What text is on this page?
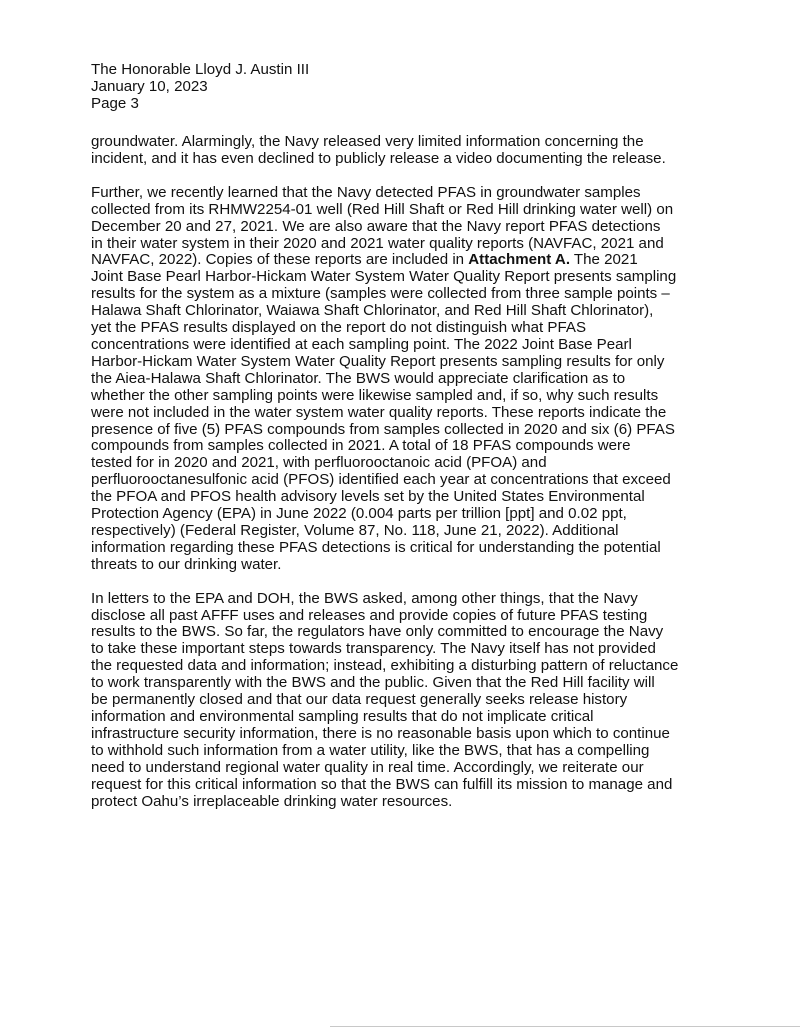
The Honorable Lloyd J. Austin III
January 10, 2023
Page 3
groundwater. Alarmingly, the Navy released very limited information concerning the
incident, and it has even declined to publicly release a video documenting the release.
Further, we recently learned that the Navy detected PFAS in groundwater samples
collected from its RHMW2254-01 well (Red Hill Shaft or Red Hill drinking water well) on
December 20 and 27, 2021. We are also aware that the Navy report PFAS detections
in their water system in their 2020 and 2021 water quality reports (NAVFAC, 2021 and
NAVFAC, 2022). Copies of these reports are included in Attachment A. The 2021
Joint Base Pearl Harbor-Hickam Water System Water Quality Report presents sampling
results for the system as a mixture (samples were collected from three sample points –
Halawa Shaft Chlorinator, Waiawa Shaft Chlorinator, and Red Hill Shaft Chlorinator),
yet the PFAS results displayed on the report do not distinguish what PFAS
concentrations were identified at each sampling point. The 2022 Joint Base Pearl
Harbor-Hickam Water System Water Quality Report presents sampling results for only
the Aiea-Halawa Shaft Chlorinator. The BWS would appreciate clarification as to
whether the other sampling points were likewise sampled and, if so, why such results
were not included in the water system water quality reports. These reports indicate the
presence of five (5) PFAS compounds from samples collected in 2020 and six (6) PFAS
compounds from samples collected in 2021. A total of 18 PFAS compounds were
tested for in 2020 and 2021, with perfluorooctanoic acid (PFOA) and
perfluorooctanesulfonic acid (PFOS) identified each year at concentrations that exceed
the PFOA and PFOS health advisory levels set by the United States Environmental
Protection Agency (EPA) in June 2022 (0.004 parts per trillion [ppt] and 0.02 ppt,
respectively) (Federal Register, Volume 87, No. 118, June 21, 2022). Additional
information regarding these PFAS detections is critical for understanding the potential
threats to our drinking water.
In letters to the EPA and DOH, the BWS asked, among other things, that the Navy
disclose all past AFFF uses and releases and provide copies of future PFAS testing
results to the BWS. So far, the regulators have only committed to encourage the Navy
to take these important steps towards transparency. The Navy itself has not provided
the requested data and information; instead, exhibiting a disturbing pattern of reluctance
to work transparently with the BWS and the public. Given that the Red Hill facility will
be permanently closed and that our data request generally seeks release history
information and environmental sampling results that do not implicate critical
infrastructure security information, there is no reasonable basis upon which to continue
to withhold such information from a water utility, like the BWS, that has a compelling
need to understand regional water quality in real time. Accordingly, we reiterate our
request for this critical information so that the BWS can fulfill its mission to manage and
protect Oahu’s irreplaceable drinking water resources.
